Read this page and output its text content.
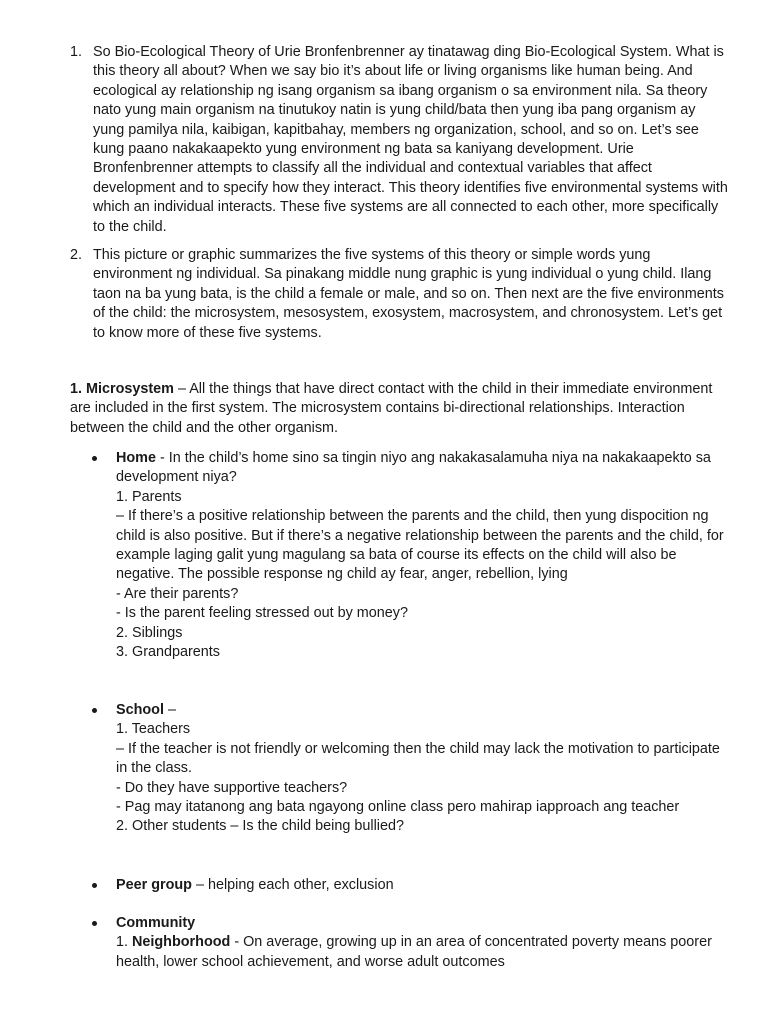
1. So Bio-Ecological Theory of Urie Bronfenbrenner ay tinatawag ding Bio-Ecological System. What is this theory all about? When we say bio it’s about life or living organisms like human being. And ecological ay relationship ng isang organism sa ibang organism o sa environment nila. Sa theory nato yung main organism na tinutukoy natin is yung child/bata then yung iba pang organism ay yung pamilya nila, kaibigan, kapitbahay, members ng organization, school, and so on. Let’s see kung paano nakakaapekto yung environment ng bata sa kaniyang development. Urie Bronfenbrenner attempts to classify all the individual and contextual variables that affect development and to specify how they interact. This theory identifies five environmental systems with which an individual interacts. These five systems are all connected to each other, more specifically to the child.
2. This picture or graphic summarizes the five systems of this theory or simple words yung environment ng individual. Sa pinakang middle nung graphic is yung individual o yung child. Ilang taon na ba yung bata, is the child a female or male, and so on. Then next are the five environments of the child: the microsystem, mesosystem, exosystem, macrosystem, and chronosystem. Let’s get to know more of these five systems.
1. Microsystem – All the things that have direct contact with the child in their immediate environment are included in the first system. The microsystem contains bi-directional relationships. Interaction between the child and the other organism.
Home - In the child’s home sino sa tingin niyo ang nakakasalamuha niya na nakakaapekto sa development niya?
1. Parents
– If there’s a positive relationship between the parents and the child, then yung dispocition ng child is also positive. But if there’s a negative relationship between the parents and the child, for example laging galit yung magulang sa bata of course its effects on the child will also be negative. The possible response ng child ay fear, anger, rebellion, lying
- Are their parents?
- Is the parent feeling stressed out by money?
2. Siblings
3. Grandparents
School –
1. Teachers
– If the teacher is not friendly or welcoming then the child may lack the motivation to participate in the class.
- Do they have supportive teachers?
- Pag may itatanong ang bata ngayong online class pero mahirap iapproach ang teacher
2. Other students – Is the child being bullied?
Peer group – helping each other, exclusion
Community
1. Neighborhood - On average, growing up in an area of concentrated poverty means poorer health, lower school achievement, and worse adult outcomes
